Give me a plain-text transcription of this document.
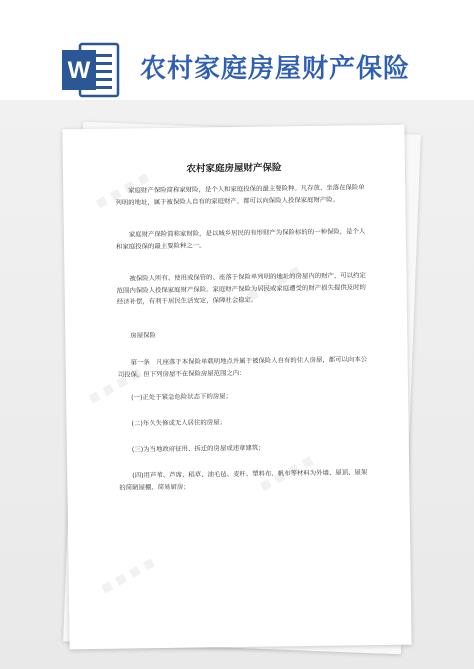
W 农村家庭房屋财产保险
▦ ▦ ▦ ▦
▦ ▦ ▦ ▦
▦ ▦ ▦ ▦
▦ ▦ ▦ ▦
▦ ▦ ▦ ▦
农村家庭房屋财产保险
家庭财产保险简称家财险，是个人和家庭投保的最主要险种。凡存放、坐落在保险单列明的地址，属于被保险人自有的家庭财产，都可以向保险人投保家庭财产险。
家庭财产保险简称家财险，是以城乡居民的有形财产为保险标的的一种保险，是个人和家庭投保的最主要险种之一。
被保险人所有、使用或保管的、座落于保险单列明的地址的房屋内的财产，可以约定范围内保险人投保家庭财产保险。家庭财产保险为居民或家庭遭受的财产损失提供及时的经济补偿，有利于居民生活安定，保障社会稳定。
房屋保险
第一条　凡座落于本保险单载明地点并属于被保险人自有的住人房屋，都可以向本公司投保，但下列房屋不在保险房屋范围之内：
(一)正处于紧急危险状态下的房屋；
(二)年久失修或无人居住的房屋；
(三)为当地政府征用、拆迁的房屋或违章建筑；
(四)用芦苇、芦席、稻草、油毛毡、麦秆、塑料布、帆布等材料为外墙、屋顶、屋架的简陋屋棚、简易厨房；
